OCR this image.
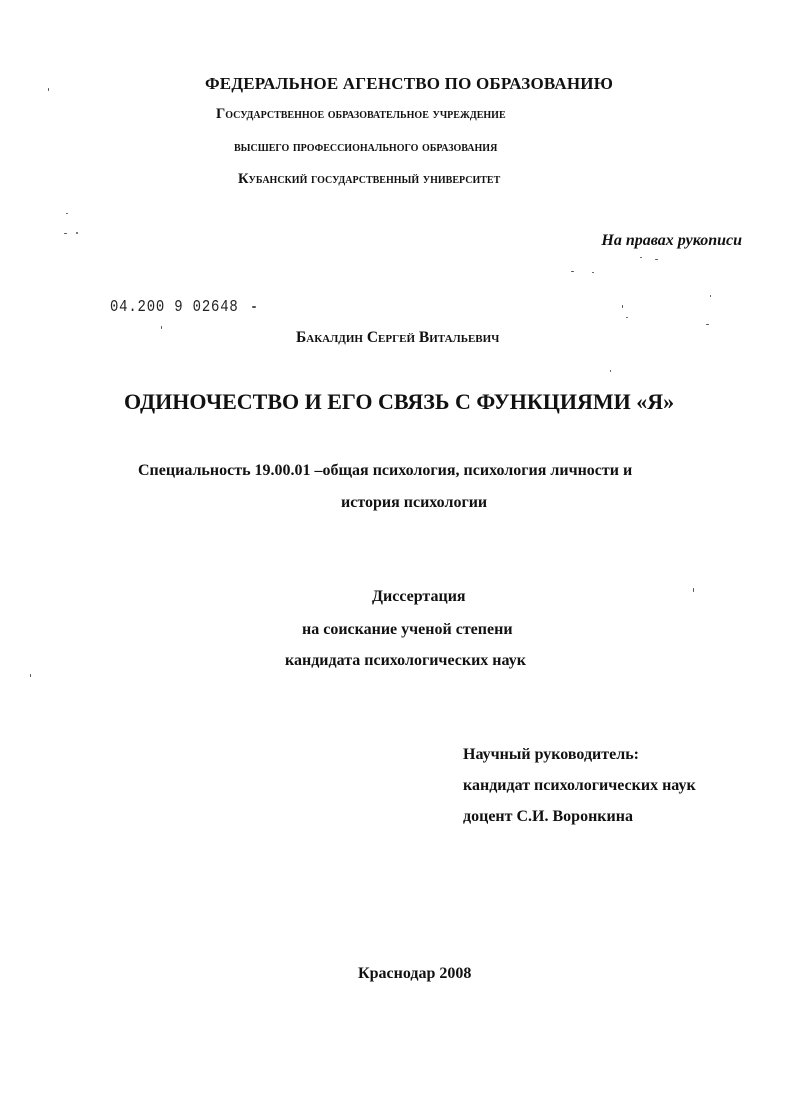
ФЕДЕРАЛЬНОЕ АГЕНСТВО ПО ОБРАЗОВАНИЮ
Государственное образовательное учреждение
высшего профессионального образования
Кубанский государственный университет
На правах рукописи
04.200 9 02648
Бакалдин Сергей Витальевич
ОДИНОЧЕСТВО И ЕГО СВЯЗЬ С ФУНКЦИЯМИ «Я»
Специальность 19.00.01 –общая психология, психология личности и
история психологии
Диссертация
на соискание ученой степени
кандидата психологических наук
Научный руководитель:
кандидат психологических наук
доцент С.И. Воронкина
Краснодар 2008
